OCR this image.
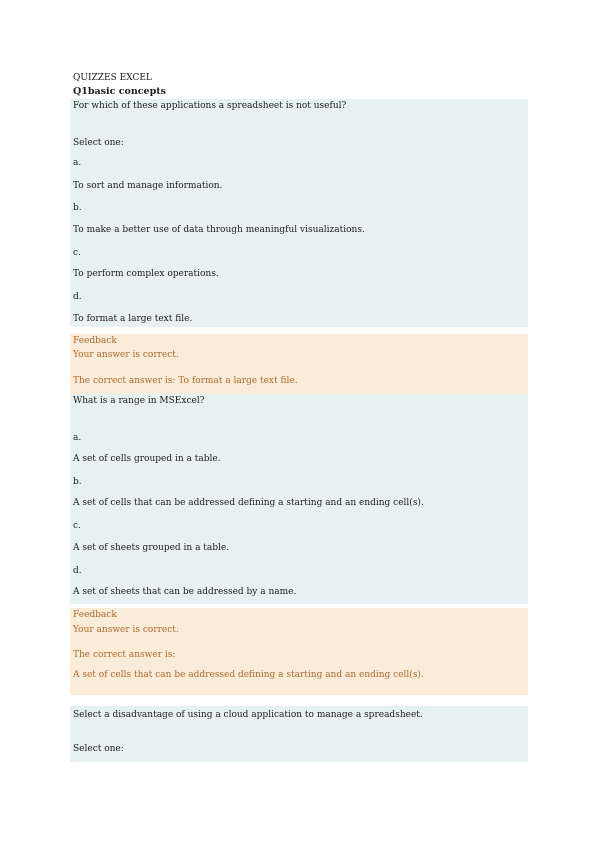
QUIZZES EXCEL
Q1basic concepts
For which of these applications a spreadsheet is not useful?
Select one:
a.
To sort and manage information.
b.
To make a better use of data through meaningful visualizations.
c.
To perform complex operations.
d.
To format a large text file.
Feedback
Your answer is correct.
The correct answer is: To format a large text file.
What is a range in MSExcel?
a.
A set of cells grouped in a table.
b.
A set of cells that can be addressed defining a starting and an ending cell(s).
c.
A set of sheets grouped in a table.
d.
A set of sheets that can be addressed by a name.
Feedback
Your answer is correct.
The correct answer is:
A set of cells that can be addressed defining a starting and an ending cell(s).
Select a disadvantage of using a cloud application to manage a spreadsheet.
Select one:
